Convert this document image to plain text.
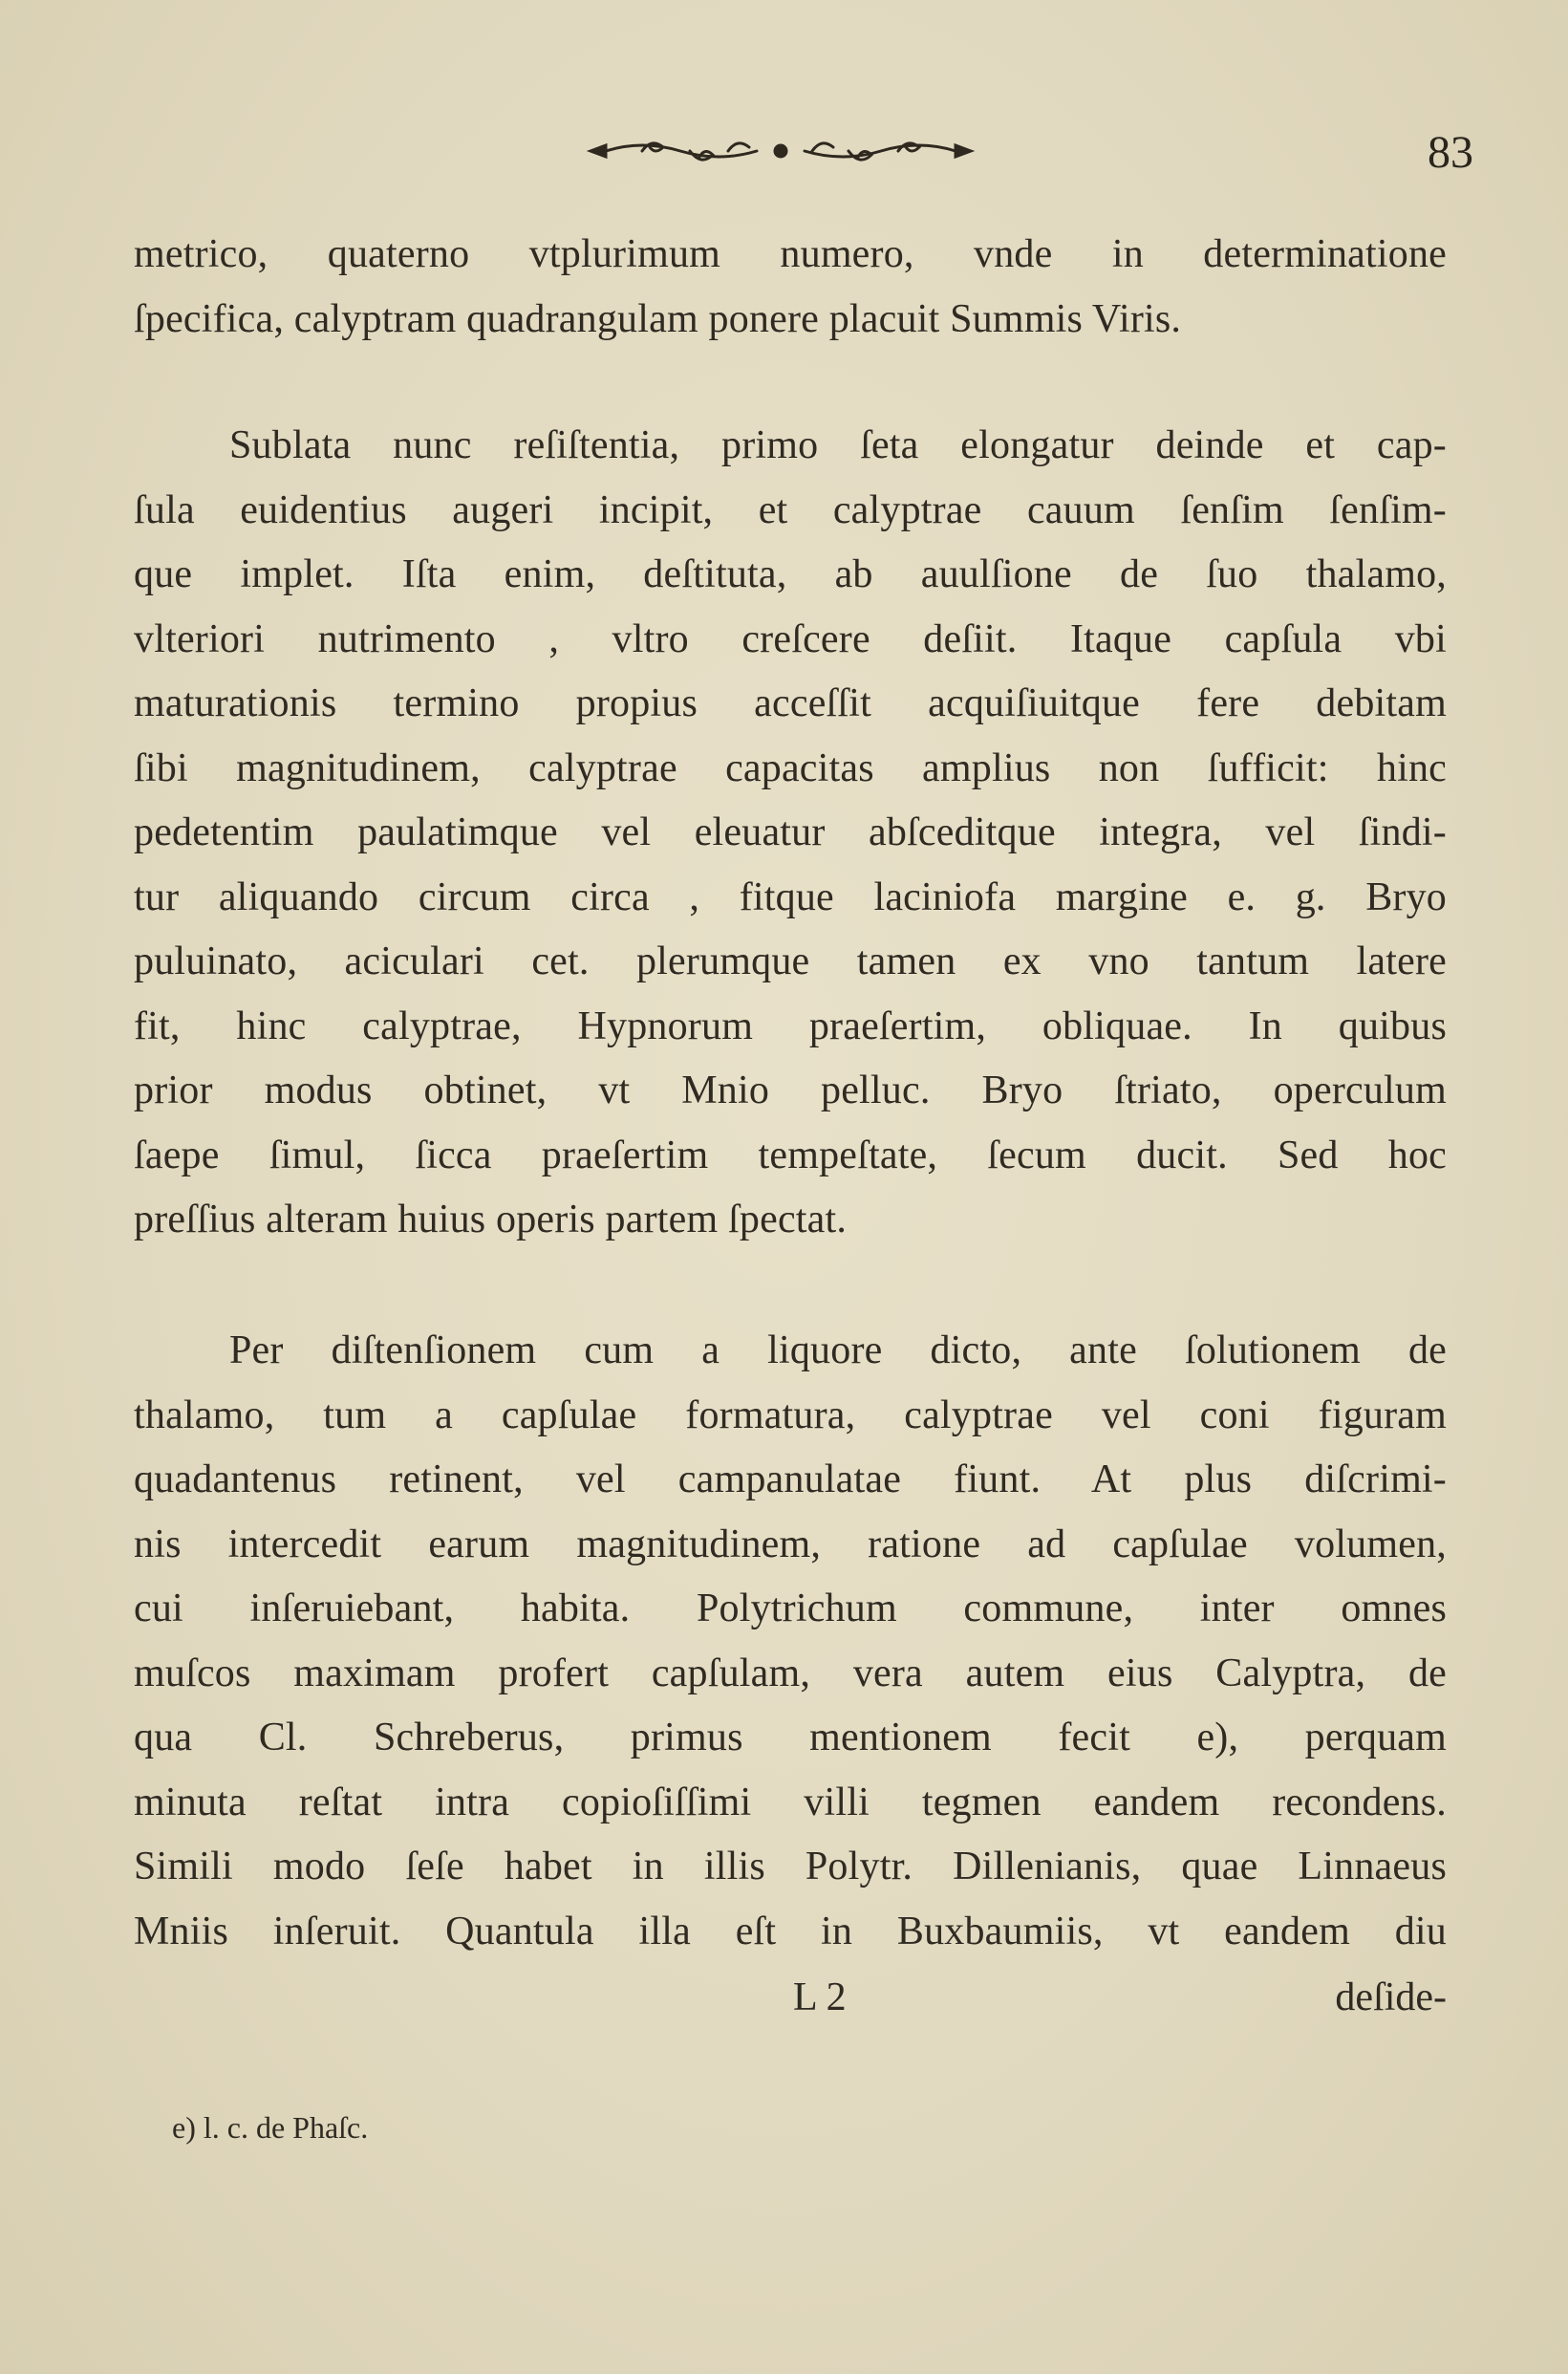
83
metrico, quaterno vtplurimum numero, vnde in determinatione
ſpecifica, calyptram quadrangulam ponere placuit Summis Viris.
Sublata nunc reſiſtentia, primo ſeta elongatur deinde et cap-
ſula euidentius augeri incipit, et calyptrae cauum ſenſim ſenſim-
que implet. Iſta enim, deſtituta, ab auulſione de ſuo thalamo,
vlteriori nutrimento , vltro creſcere deſiit. Itaque capſula vbi
maturationis termino propius acceſſit acquiſiuitque fere debitam
ſibi magnitudinem, calyptrae capacitas amplius non ſufficit: hinc
pedetentim paulatimque vel eleuatur abſceditque integra, vel ſindi-
tur aliquando circum circa , fitque laciniofa margine e. g. Bryo
puluinato, aciculari cet. plerumque tamen ex vno tantum latere
fit, hinc calyptrae, Hypnorum praeſertim, obliquae. In quibus
prior modus obtinet, vt Mnio pelluc. Bryo ſtriato, operculum
ſaepe ſimul, ſicca praeſertim tempeſtate, ſecum ducit. Sed hoc
preſſius alteram huius operis partem ſpectat.
Per diſtenſionem cum a liquore dicto, ante ſolutionem de
thalamo, tum a capſulae formatura, calyptrae vel coni figuram
quadantenus retinent, vel campanulatae fiunt. At plus diſcrimi-
nis intercedit earum magnitudinem, ratione ad capſulae volumen,
cui inſeruiebant, habita. Polytrichum commune, inter omnes
muſcos maximam profert capſulam, vera autem eius Calyptra, de
qua Cl. Schreberus, primus mentionem fecit e), perquam
minuta reſtat intra copioſiſſimi villi tegmen eandem recondens.
Simili modo ſeſe habet in illis Polytr. Dillenianis, quae Linnaeus
Mniis inſeruit. Quantula illa eſt in Buxbaumiis, vt eandem diu
L 2	deſide-
e) l. c. de Phaſc.
